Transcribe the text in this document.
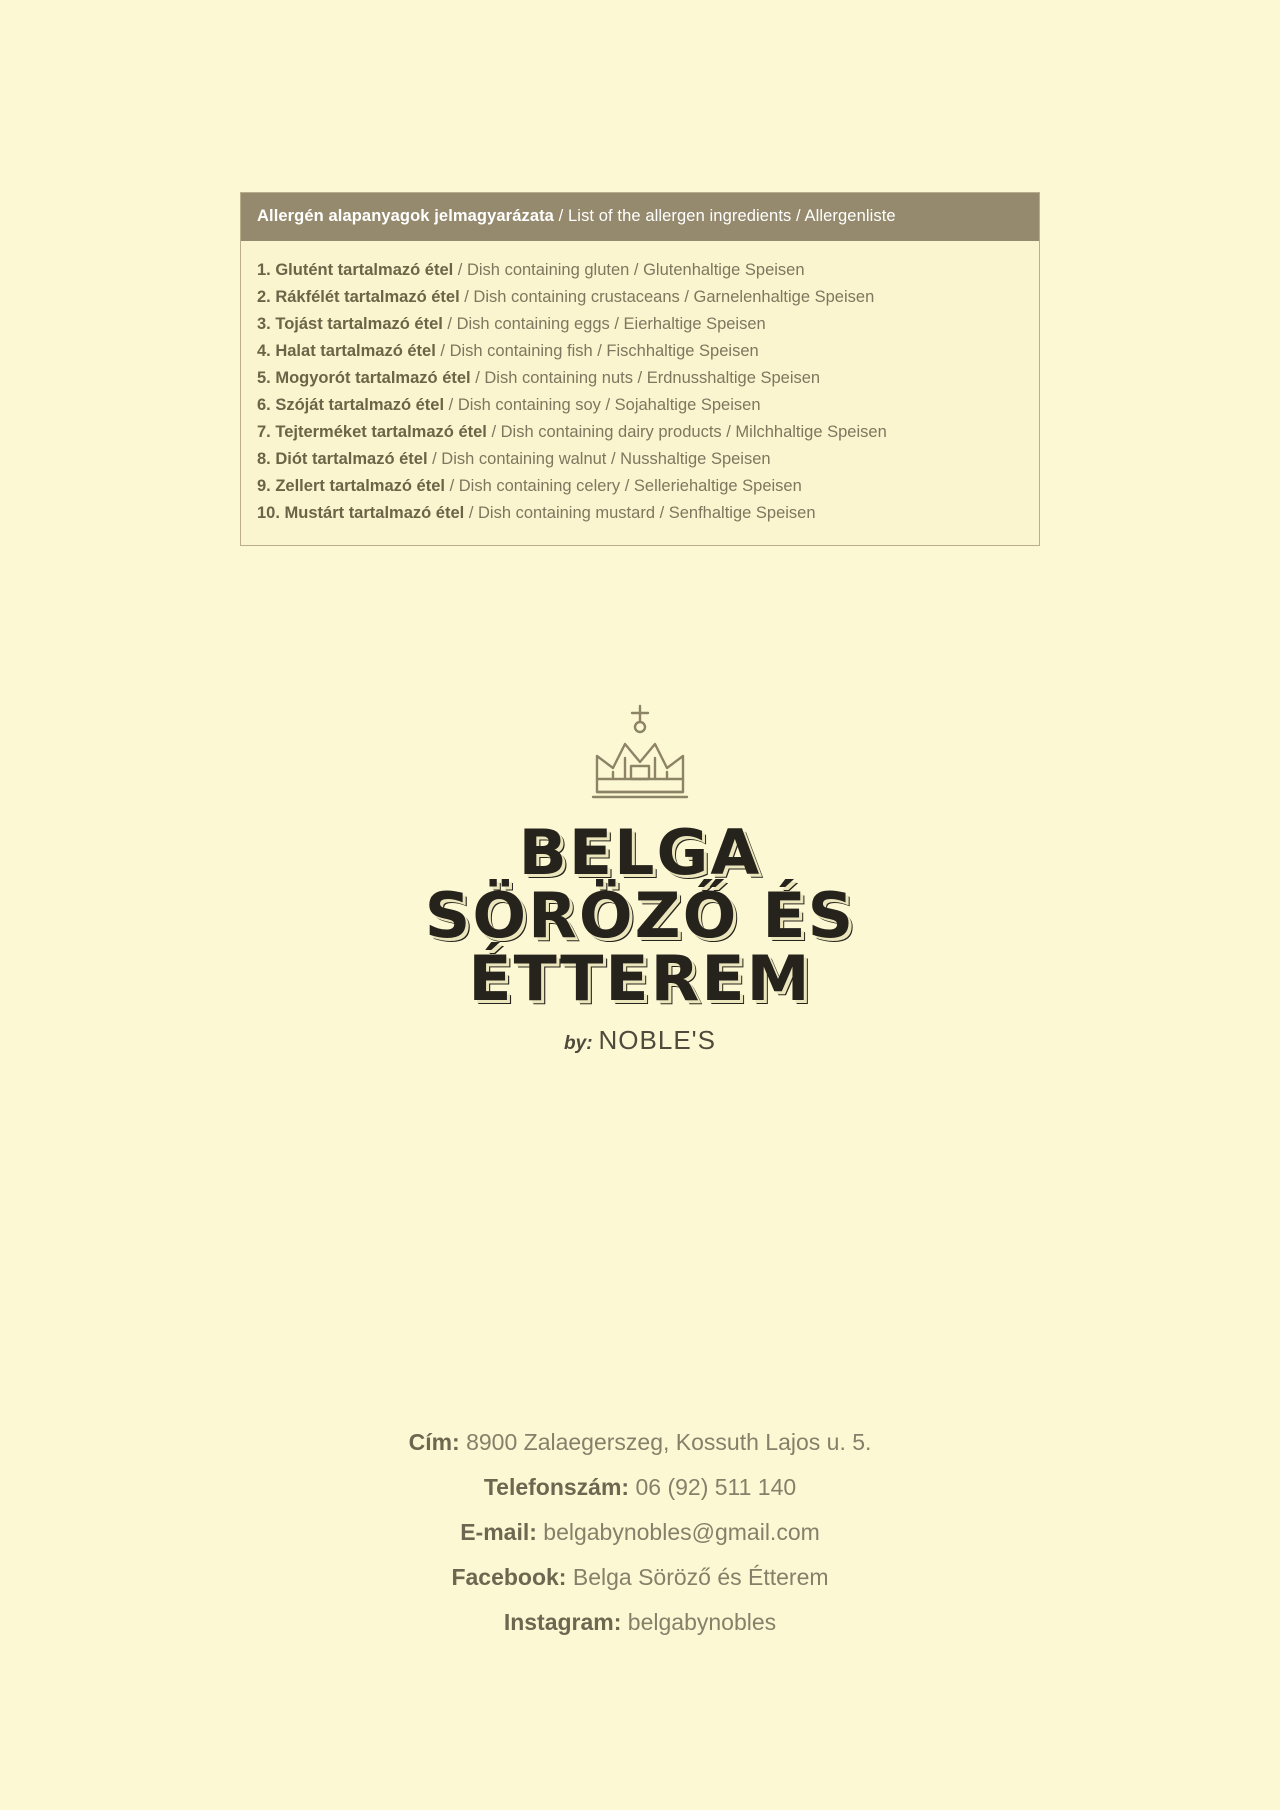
Allergén alapanyagok jelmagyarázata / List of the allergen ingredients / Allergenliste
1. Glutént tartalmazó étel / Dish containing gluten / Glutenhaltige Speisen
2. Rákfélét tartalmazó étel / Dish containing crustaceans / Garnelenhaltige Speisen
3. Tojást tartalmazó étel / Dish containing eggs / Eierhaltige Speisen
4. Halat tartalmazó étel / Dish containing fish / Fischhaltige Speisen
5. Mogyorót tartalmazó étel / Dish containing nuts / Erdnusshaltige Speisen
6. Szóját tartalmazó étel / Dish containing soy / Sojahaltige Speisen
7. Tejterméket tartalmazó étel / Dish containing dairy products / Milchhaltige Speisen
8. Diót tartalmazó étel / Dish containing walnut / Nusshaltige Speisen
9. Zellert tartalmazó étel / Dish containing celery / Selleriehaltige Speisen
10. Mustárt tartalmazó étel / Dish containing mustard / Senfhaltige Speisen
BELGA
SÖRÖZŐ ÉS
ÉTTEREM
by: NOBLE'S
Cím: 8900 Zalaegerszeg, Kossuth Lajos u. 5.
Telefonszám: 06 (92) 511 140
E-mail: belgabynobles@gmail.com
Facebook: Belga Söröző és Étterem
Instagram: belgabynobles
